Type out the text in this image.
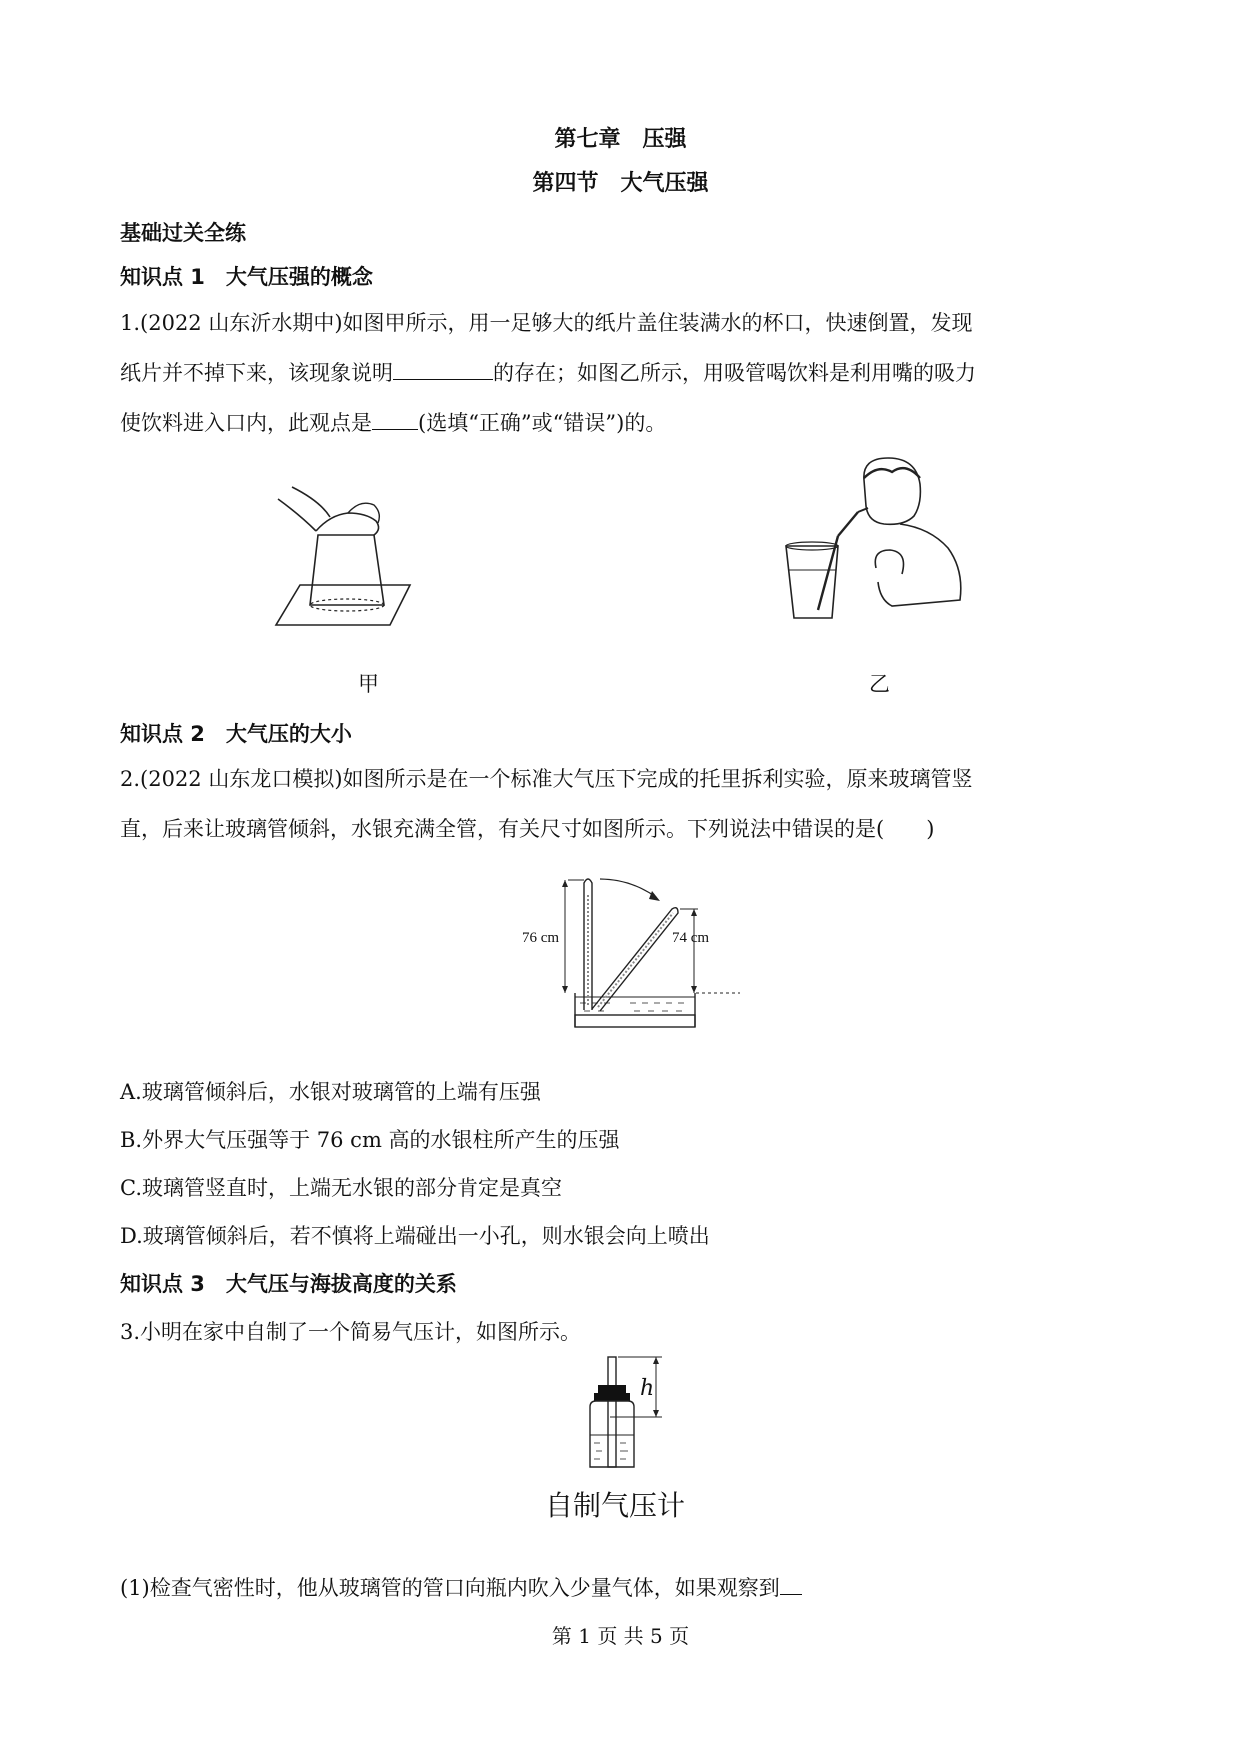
第七章　压强
第四节　大气压强
基础过关全练
知识点 1　大气压强的概念
1.(2022 山东沂水期中)如图甲所示，用一足够大的纸片盖住装满水的杯口，快速倒置，发现
纸片并不掉下来，该现象说明	的存在；如图乙所示，用吸管喝饮料是利用嘴的吸力
使饮料进入口内，此观点是 (选填“正确”或“错误”)的。
甲	乙
知识点 2　大气压的大小
2.(2022 山东龙口模拟)如图所示是在一个标准大气压下完成的托里拆利实验，原来玻璃管竖
直，后来让玻璃管倾斜，水银充满全管，有关尺寸如图所示。下列说法中错误的是(　　)
76 cm	74 cm
A.玻璃管倾斜后，水银对玻璃管的上端有压强
B.外界大气压强等于 76 cm 高的水银柱所产生的压强
C.玻璃管竖直时，上端无水银的部分肯定是真空
D.玻璃管倾斜后，若不慎将上端碰出一小孔，则水银会向上喷出
知识点 3　大气压与海拔高度的关系
3.小明在家中自制了一个简易气压计，如图所示。
h
自制气压计
(1)检查气密性时，他从玻璃管的管口向瓶内吹入少量气体，如果观察到
第 1 页 共 5 页
